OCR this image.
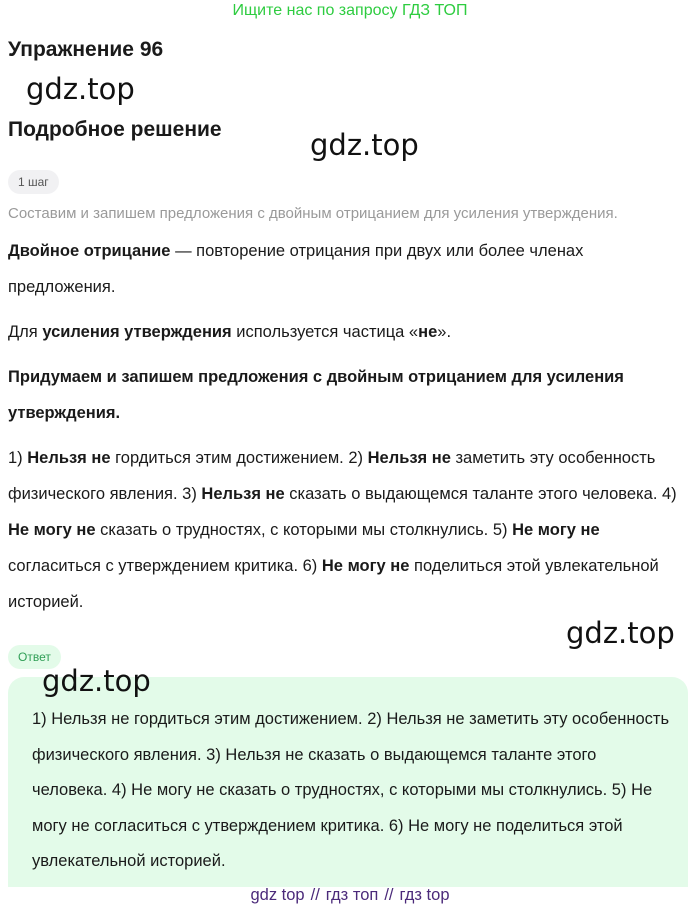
Ищите нас по запросу ГДЗ ТОП
Упражнение 96
gdz.top
Подробное решение	gdz.top
1 шаг

Составим и запишем предложения с двойным отрицанием для усиления утверждения.

Двойное отрицание — повторение отрицания при двух или более членах предложения.

Для усиления утверждения используется частица «не».

Придумаем и запишем предложения с двойным отрицанием для усиления утверждения.

1) Нельзя не гордиться этим достижением. 2) Нельзя не заметить эту особенность физического явления. 3) Нельзя не сказать о выдающемся таланте этого человека. 4) Не могу не сказать о трудностях, с которыми мы столкнулись. 5) Не могу не согласиться с утверждением критика. 6) Не могу не поделиться этой увлекательной историей.

gdz.top
Ответ
gdz.top

1) Нельзя не гордиться этим достижением. 2) Нельзя не заметить эту особенность физического явления. 3) Нельзя не сказать о выдающемся таланте этого человека. 4) Не могу не сказать о трудностях, с которыми мы столкнулись. 5) Не могу не согласиться с утверждением критика. 6) Не могу не поделиться этой увлекательной историей.

gdz top // гдз топ // гдз top
